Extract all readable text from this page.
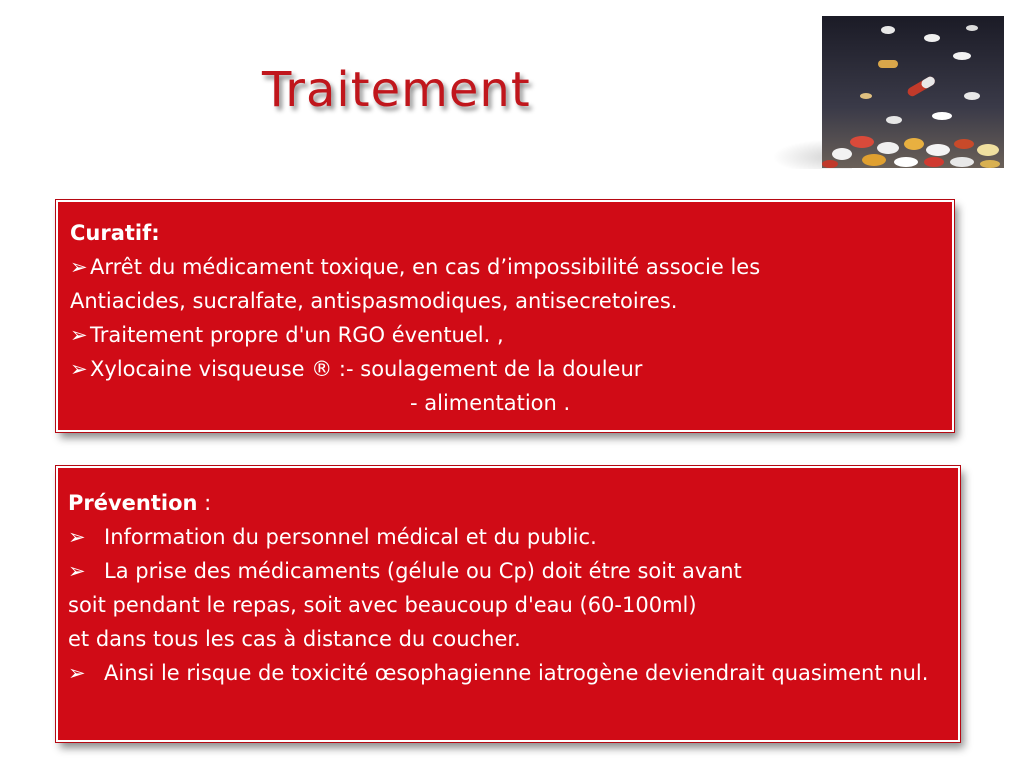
Traitement
Curatif:
➢ Arrêt du médicament toxique, en cas d’impossibilité associe les
Antiacides, sucralfate, antispasmodiques, antisecretoires.
➢ Traitement propre d'un RGO éventuel. ,
➢ Xylocaine visqueuse ® :- soulagement de la douleur
- alimentation .
Prévention :
➢ Information du personnel médical et du public.
➢ La prise des médicaments (gélule ou Cp) doit étre soit avant
soit pendant le repas, soit avec beaucoup d'eau (60-100ml)
et dans tous les cas à distance du coucher.
➢ Ainsi le risque de toxicité œsophagienne iatrogène deviendrait quasiment nul.
